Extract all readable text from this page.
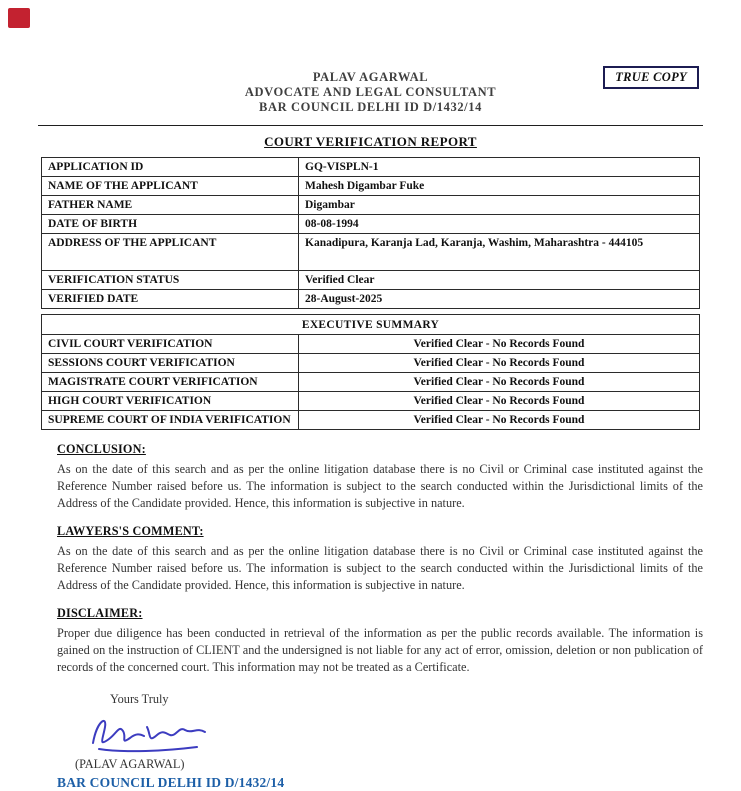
TRUE COPY
PALAV AGARWAL
ADVOCATE AND LEGAL CONSULTANT
BAR COUNCIL DELHI ID D/1432/14
COURT VERIFICATION REPORT
APPLICATION ID	GQ-VISPLN-1
NAME OF THE APPLICANT	Mahesh Digambar Fuke
FATHER NAME	Digambar
DATE OF BIRTH	08-08-1994
ADDRESS OF THE APPLICANT	Kanadipura, Karanja Lad, Karanja, Washim, Maharashtra - 444105
VERIFICATION STATUS	Verified Clear
VERIFIED DATE	28-August-2025
EXECUTIVE SUMMARY	
CIVIL COURT VERIFICATION	Verified Clear - No Records Found
SESSIONS COURT VERIFICATION	Verified Clear - No Records Found
MAGISTRATE COURT VERIFICATION	Verified Clear - No Records Found
HIGH COURT VERIFICATION	Verified Clear - No Records Found
SUPREME COURT OF INDIA VERIFICATION	Verified Clear - No Records Found
CONCLUSION:
As on the date of this search and as per the online litigation database there is no Civil or Criminal case instituted against the Reference Number raised before us. The information is subject to the search conducted within the Jurisdictional limits of the Address of the Candidate provided. Hence, this information is subjective in nature.
LAWYERS'S COMMENT:
As on the date of this search and as per the online litigation database there is no Civil or Criminal case instituted against the Reference Number raised before us. The information is subject to the search conducted within the Jurisdictional limits of the Address of the Candidate provided. Hence, this information is subjective in nature.
DISCLAIMER:
Proper due diligence has been conducted in retrieval of the information as per the public records available. The information is gained on the instruction of CLIENT and the undersigned is not liable for any act of error, omission, deletion or non publication of records of the concerned court. This information may not be treated as a Certificate.
Yours Truly
(PALAV AGARWAL)
BAR COUNCIL DELHI ID D/1432/14
